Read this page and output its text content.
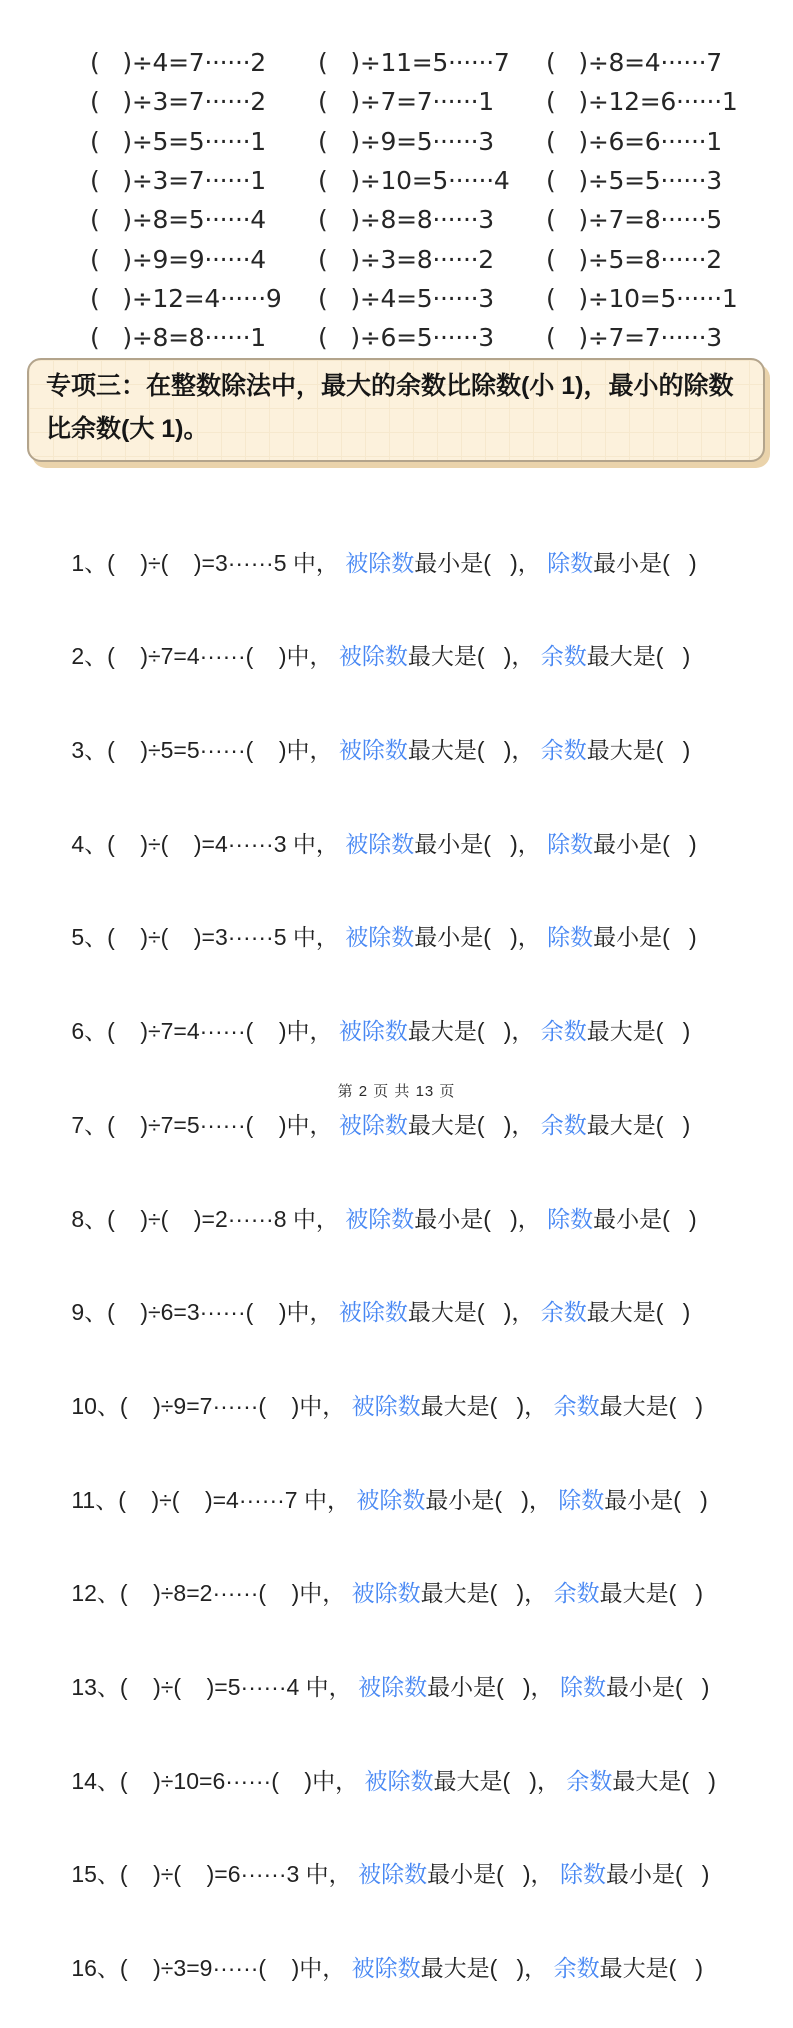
(   )÷4=7······2	(   )÷11=5······7	(   )÷8=4······7
(   )÷3=7······2	(   )÷7=7······1	(   )÷12=6······1
(   )÷5=5······1	(   )÷9=5······3	(   )÷6=6······1
(   )÷3=7······1	(   )÷10=5······4	(   )÷5=5······3
(   )÷8=5······4	(   )÷8=8······3	(   )÷7=8······5
(   )÷9=9······4	(   )÷3=8······2	(   )÷5=8······2
(   )÷12=4······9	(   )÷4=5······3	(   )÷10=5······1
(   )÷8=8······1	(   )÷6=5······3	(   )÷7=7······3
专项三：在整数除法中，最大的余数比除数(小 1)，最小的除数比余数(大 1)。

1、(    )÷(    )=3······5 中， 被除数最小是(   )， 除数最小是(   )

2、(    )÷7=4······(    )中， 被除数最大是(   )， 余数最大是(   )

3、(    )÷5=5······(    )中， 被除数最大是(   )， 余数最大是(   )

4、(    )÷(    )=4······3 中， 被除数最小是(   )， 除数最小是(   )

5、(    )÷(    )=3······5 中， 被除数最小是(   )， 除数最小是(   )

6、(    )÷7=4······(    )中， 被除数最大是(   )， 余数最大是(   )

7、(    )÷7=5······(    )中， 被除数最大是(   )， 余数最大是(   )

8、(    )÷(    )=2······8 中， 被除数最小是(   )， 除数最小是(   )

9、(    )÷6=3······(    )中， 被除数最大是(   )， 余数最大是(   )

10、(    )÷9=7······(    )中， 被除数最大是(   )， 余数最大是(   )

11、(    )÷(    )=4······7 中， 被除数最小是(   )， 除数最小是(   )

12、(    )÷8=2······(    )中， 被除数最大是(   )， 余数最大是(   )

13、(    )÷(    )=5······4 中， 被除数最小是(   )， 除数最小是(   )

14、(    )÷10=6······(    )中， 被除数最大是(   )， 余数最大是(   )

15、(    )÷(    )=6······3 中， 被除数最小是(   )， 除数最小是(   )

16、(    )÷3=9······(    )中， 被除数最大是(   )， 余数最大是(   )

第 2 页 共 13 页
